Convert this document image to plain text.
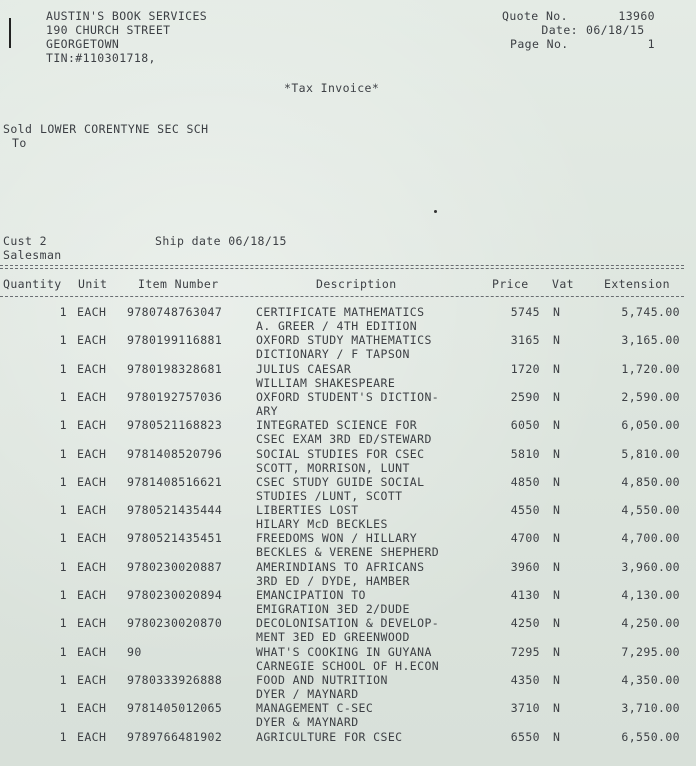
AUSTIN'S BOOK SERVICES
190 CHURCH STREET
GEORGETOWN
TIN:#110301718,
Quote No.	13960
Date: 06/18/15
Page No.	1
*Tax Invoice*
Sold LOWER CORENTYNE SEC SCH
To
Cust 2	Ship date 06/18/15
Salesman
Quantity Unit	Item Number	Description	Price Vat	Extension
1 EACH	9780748763047	CERTIFICATE MATHEMATICS	5745 N	5,745.00
A. GREER / 4TH EDITION
1 EACH	9780199116881	OXFORD STUDY MATHEMATICS	3165 N	3,165.00
DICTIONARY / F TAPSON
1 EACH	9780198328681	JULIUS CAESAR	1720 N	1,720.00
WILLIAM SHAKESPEARE
1 EACH	9780192757036	OXFORD STUDENT'S DICTION-	2590 N	2,590.00
ARY
1 EACH	9780521168823	INTEGRATED SCIENCE FOR	6050 N	6,050.00
CSEC EXAM 3RD ED/STEWARD
1 EACH	9781408520796	SOCIAL STUDIES FOR CSEC	5810 N	5,810.00
SCOTT, MORRISON, LUNT
1 EACH	9781408516621	CSEC STUDY GUIDE SOCIAL	4850 N	4,850.00
STUDIES /LUNT, SCOTT
1 EACH	9780521435444	LIBERTIES LOST	4550 N	4,550.00
HILARY McD BECKLES
1 EACH	9780521435451	FREEDOMS WON / HILLARY	4700 N	4,700.00
BECKLES & VERENE SHEPHERD
1 EACH	9780230020887	AMERINDIANS TO AFRICANS	3960 N	3,960.00
3RD ED / DYDE, HAMBER
1 EACH	9780230020894	EMANCIPATION TO	4130 N	4,130.00
EMIGRATION 3ED 2/DUDE
1 EACH	9780230020870	DECOLONISATION & DEVELOP-	4250 N	4,250.00
MENT 3ED ED GREENWOOD
1 EACH	90	WHAT'S COOKING IN GUYANA	7295 N	7,295.00
CARNEGIE SCHOOL OF H.ECON
1 EACH	9780333926888	FOOD AND NUTRITION	4350 N	4,350.00
DYER / MAYNARD
1 EACH	9781405012065	MANAGEMENT C-SEC	3710 N	3,710.00
DYER & MAYNARD
1 EACH	9789766481902	AGRICULTURE FOR CSEC	6550 N	6,550.00
